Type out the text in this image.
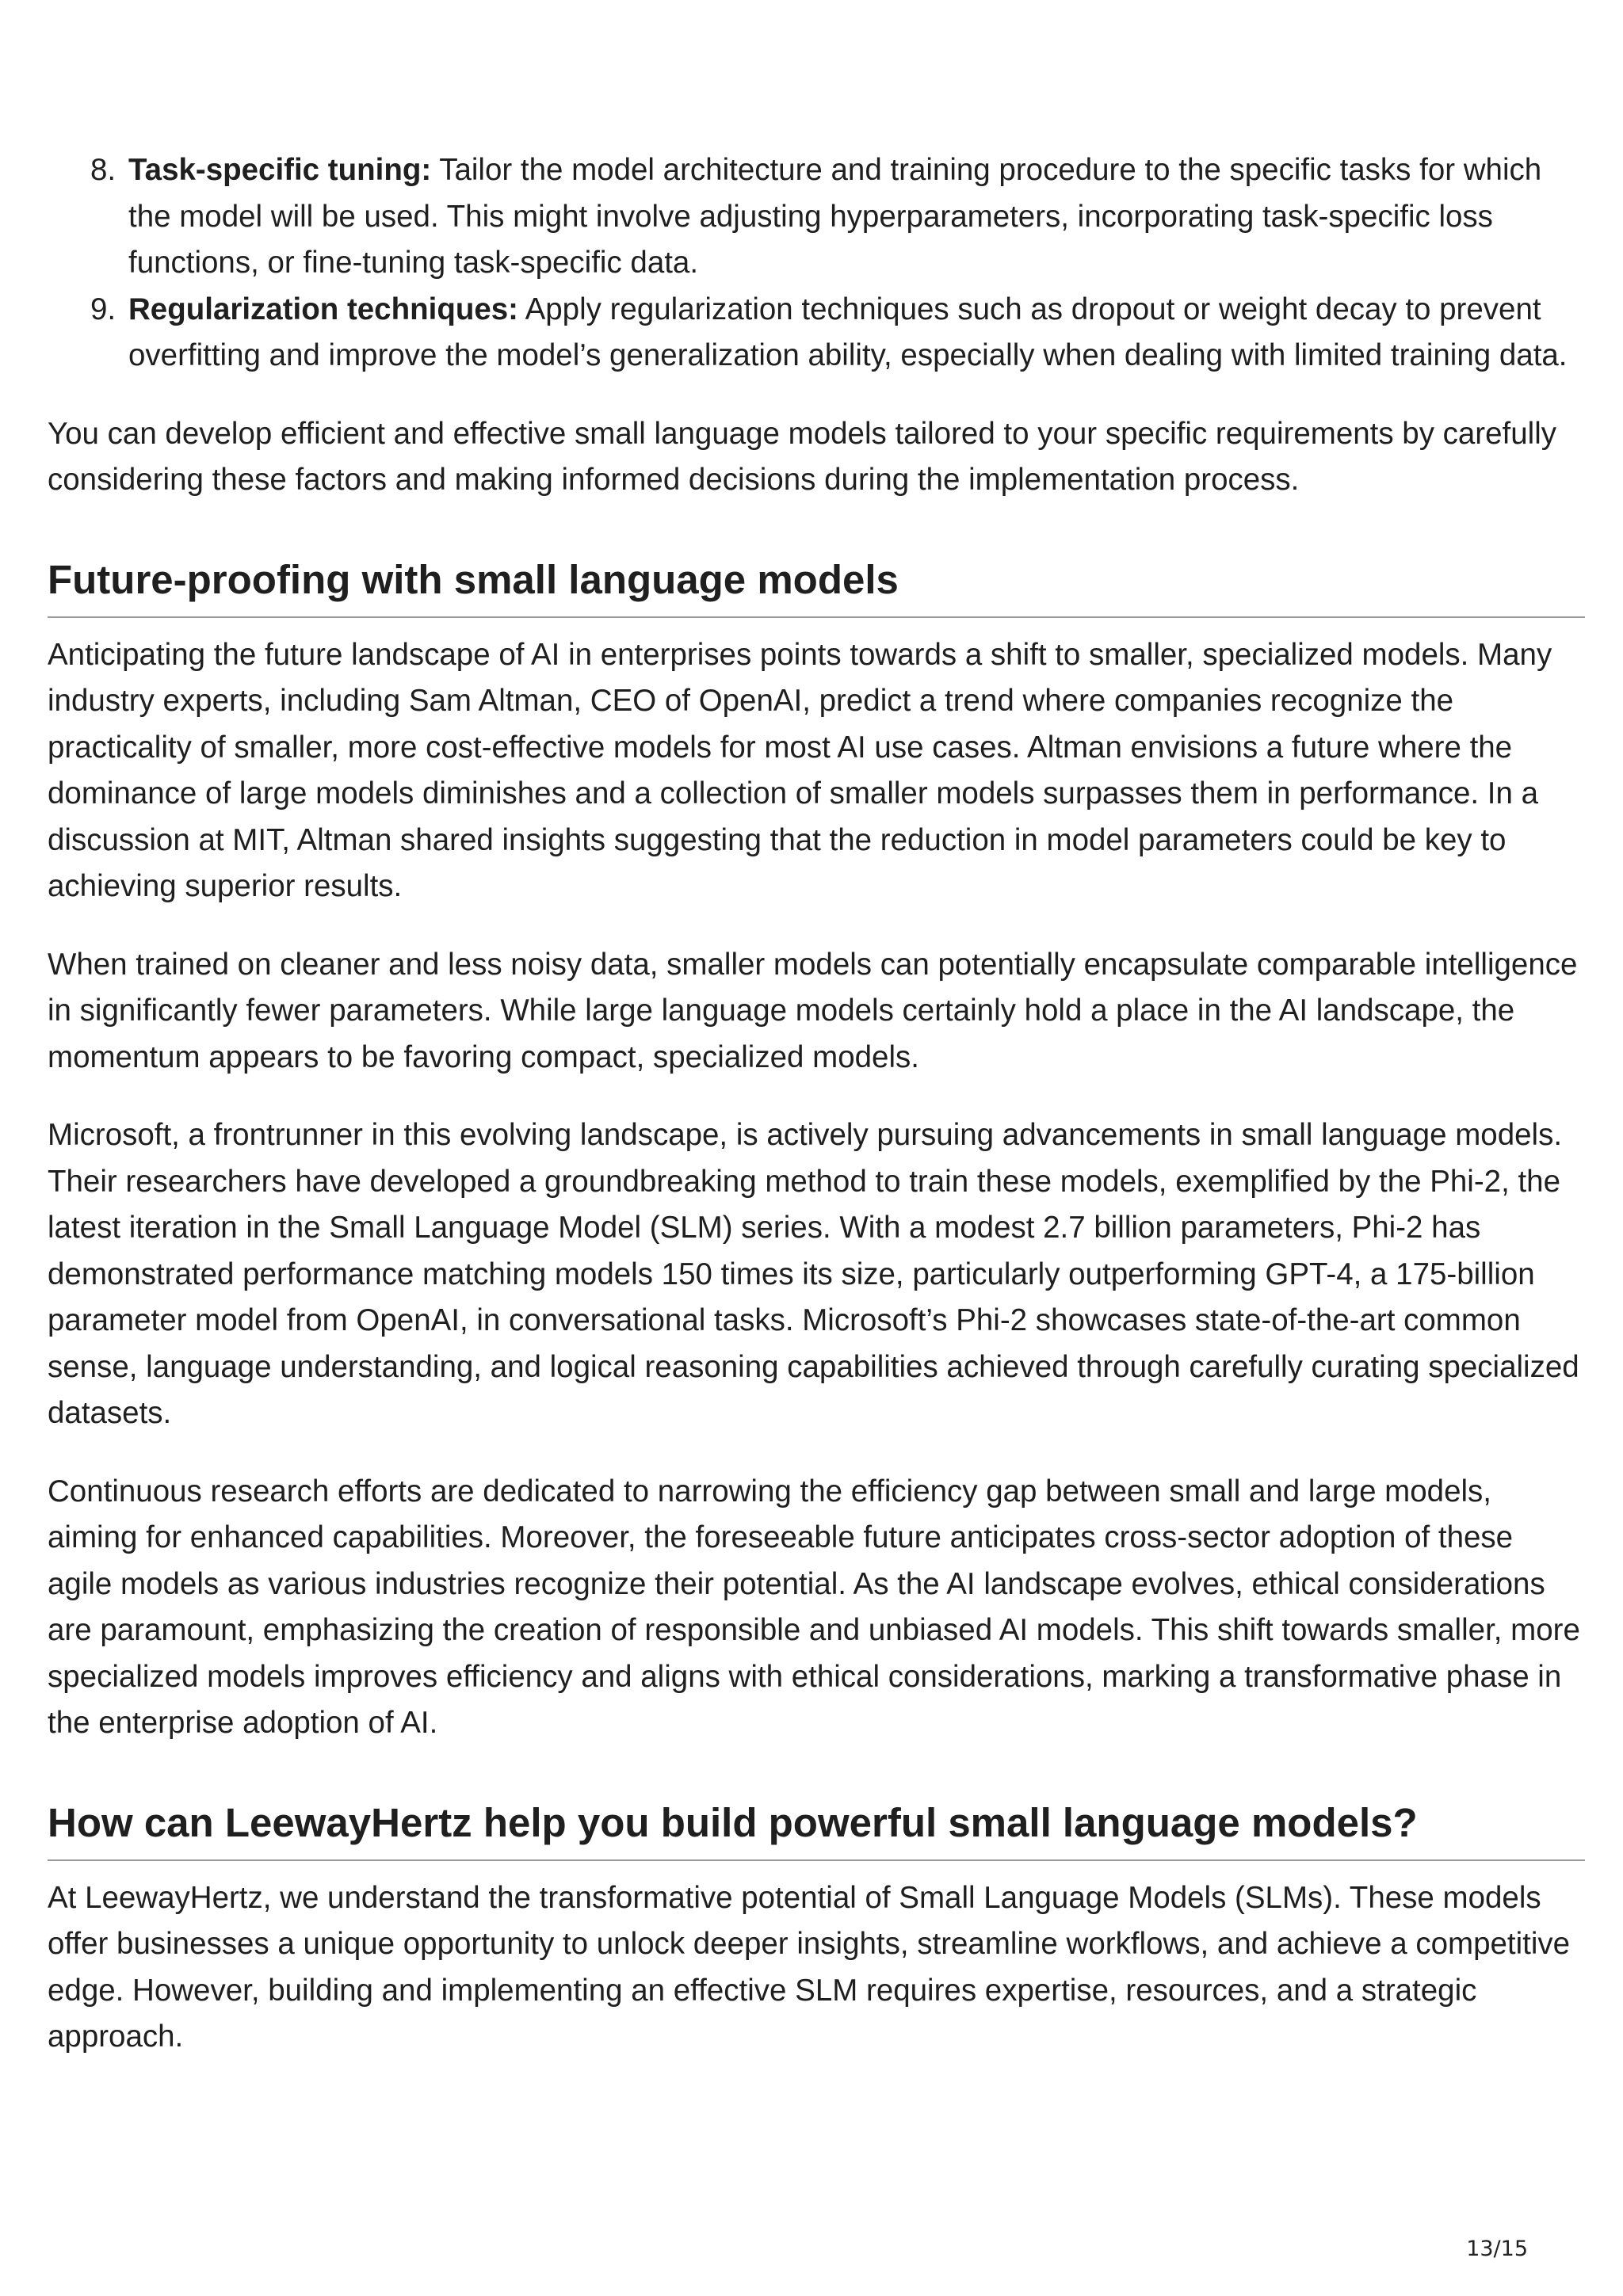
8. Task-specific tuning: Tailor the model architecture and training procedure to the specific tasks for which the model will be used. This might involve adjusting hyperparameters, incorporating task-specific loss functions, or fine-tuning task-specific data.
9. Regularization techniques: Apply regularization techniques such as dropout or weight decay to prevent overfitting and improve the model’s generalization ability, especially when dealing with limited training data.

You can develop efficient and effective small language models tailored to your specific requirements by carefully considering these factors and making informed decisions during the implementation process.

Future-proofing with small language models

Anticipating the future landscape of AI in enterprises points towards a shift to smaller, specialized models. Many industry experts, including Sam Altman, CEO of OpenAI, predict a trend where companies recognize the practicality of smaller, more cost-effective models for most AI use cases. Altman envisions a future where the dominance of large models diminishes and a collection of smaller models surpasses them in performance. In a discussion at MIT, Altman shared insights suggesting that the reduction in model parameters could be key to achieving superior results.

When trained on cleaner and less noisy data, smaller models can potentially encapsulate comparable intelligence in significantly fewer parameters. While large language models certainly hold a place in the AI landscape, the momentum appears to be favoring compact, specialized models.

Microsoft, a frontrunner in this evolving landscape, is actively pursuing advancements in small language models. Their researchers have developed a groundbreaking method to train these models, exemplified by the Phi-2, the latest iteration in the Small Language Model (SLM) series. With a modest 2.7 billion parameters, Phi-2 has demonstrated performance matching models 150 times its size, particularly outperforming GPT-4, a 175-billion parameter model from OpenAI, in conversational tasks. Microsoft’s Phi-2 showcases state-of-the-art common sense, language understanding, and logical reasoning capabilities achieved through carefully curating specialized datasets.

Continuous research efforts are dedicated to narrowing the efficiency gap between small and large models, aiming for enhanced capabilities. Moreover, the foreseeable future anticipates cross-sector adoption of these agile models as various industries recognize their potential. As the AI landscape evolves, ethical considerations are paramount, emphasizing the creation of responsible and unbiased AI models. This shift towards smaller, more specialized models improves efficiency and aligns with ethical considerations, marking a transformative phase in the enterprise adoption of AI.

How can LeewayHertz help you build powerful small language models?

At LeewayHertz, we understand the transformative potential of Small Language Models (SLMs). These models offer businesses a unique opportunity to unlock deeper insights, streamline workflows, and achieve a competitive edge. However, building and implementing an effective SLM requires expertise, resources, and a strategic approach.

13/15
